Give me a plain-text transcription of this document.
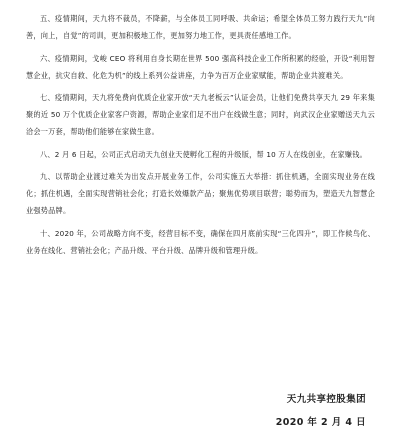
五、疫情期间，天九将不裁员，不降薪，与全体员工同呼吸、共命运；希望全体员工努力践行天九“向善，向上，自觉”的司训，更加积极地工作，更加努力地工作，更具责任感地工作。

六、疫情期间，戈峻 CEO 将利用自身长期在世界 500 强高科技企业工作所积累的经验，开设“利用智慧企业，抗灾自救、化危为机”的线上系列公益讲座，力争为百万企业家赋能，帮助企业共渡难关。

七、疫情期间，天九将免费向优质企业家开放“天九老板云”认证会员，让他们免费共享天九 29 年来集聚的近 50 万个优质企业家客户资源，帮助企业家们足不出户在线做生意；同时，向武汉企业家赠送天九云洽会一万套，帮助他们能够在家做生意。

八、2 月 6 日起，公司正式启动天九创业天使孵化工程的升级版，帮 10 万人在线创业，在家赚钱。

九、以帮助企业渡过难关为出发点开展业务工作，公司实施五大举措：抓住机遇，全面实现业务在线化；抓住机遇，全面实现营销社会化；打造长效爆款产品；聚焦优势项目联营；聪势而为，塑造天九智慧企业强势品牌。

十、2020 年，公司战略方向不变，经营目标不变，确保在四月底前实现“三化四升”，即工作候鸟化、业务在线化、营销社会化；产品升级、平台升级、品牌升级和管理升级。

天九共享控股集团
2020 年 2 月 4 日
